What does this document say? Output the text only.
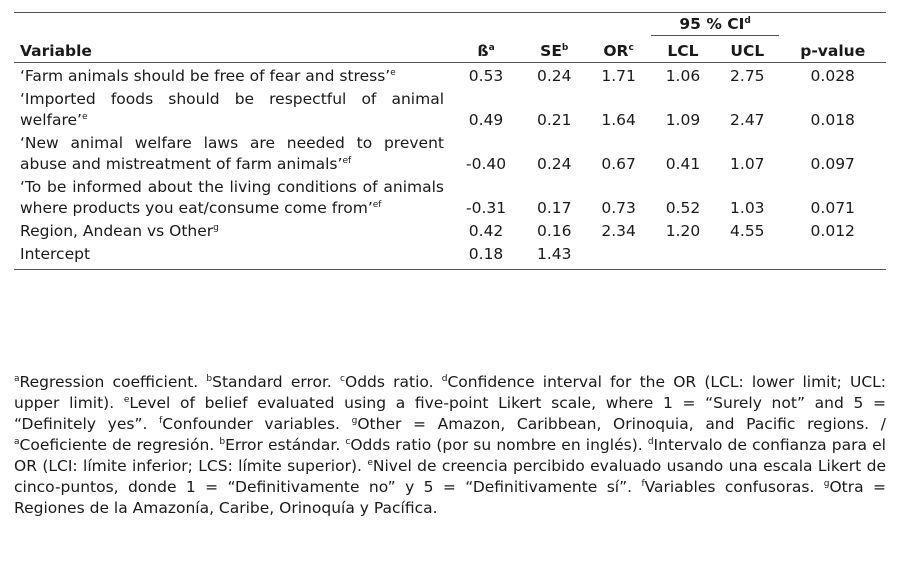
				95 % $CI^d$	
Variable	$ß^a$	$SE^b$	$OR^c$	LCL	UCL	p-value
‘Farm animals should be free of fear and stress’$^e$	0.53	0.24	1.71	1.06	2.75	0.028
‘Imported foods should be respectful of animal welfare’$^e$	0.49	0.21	1.64	1.09	2.47	0.018
‘New animal welfare laws are needed to prevent abuse and mistreatment of farm animals’$^{ef}$	-0.40	0.24	0.67	0.41	1.07	0.097
‘To be informed about the living conditions of animals where products you eat/consume come from’$^{ef}$	-0.31	0.17	0.73	0.52	1.03	0.071
Region, Andean vs Other$^g$	0.42	0.16	2.34	1.20	4.55	0.012
Intercept	0.18	1.43				
$^a$Regression coefficient. $^b$Standard error. $^c$Odds ratio. $^d$Confidence interval for the OR (LCL: lower limit; UCL: upper limit). $^e$Level of belief evaluated using a five-point Likert scale, where 1 = “Surely not” and 5 = “Definitely yes”. $^f$Confounder variables. $^g$Other = Amazon, Caribbean, Orinoquia, and Pacific regions. / $^a$Coeficiente de regresión. $^b$Error estándar. $^c$Odds ratio (por su nombre en inglés). $^d$Intervalo de confianza para el OR (LCI: límite inferior; LCS: límite superior). $^e$Nivel de creencia percibido evaluado usando una escala Likert de cinco-puntos, donde 1 = “Definitivamente no” y 5 = “Definitivamente sí”. $^f$Variables confusoras. $^g$Otra = Regiones de la Amazonía, Caribe, Orinoquía y Pacífica.
